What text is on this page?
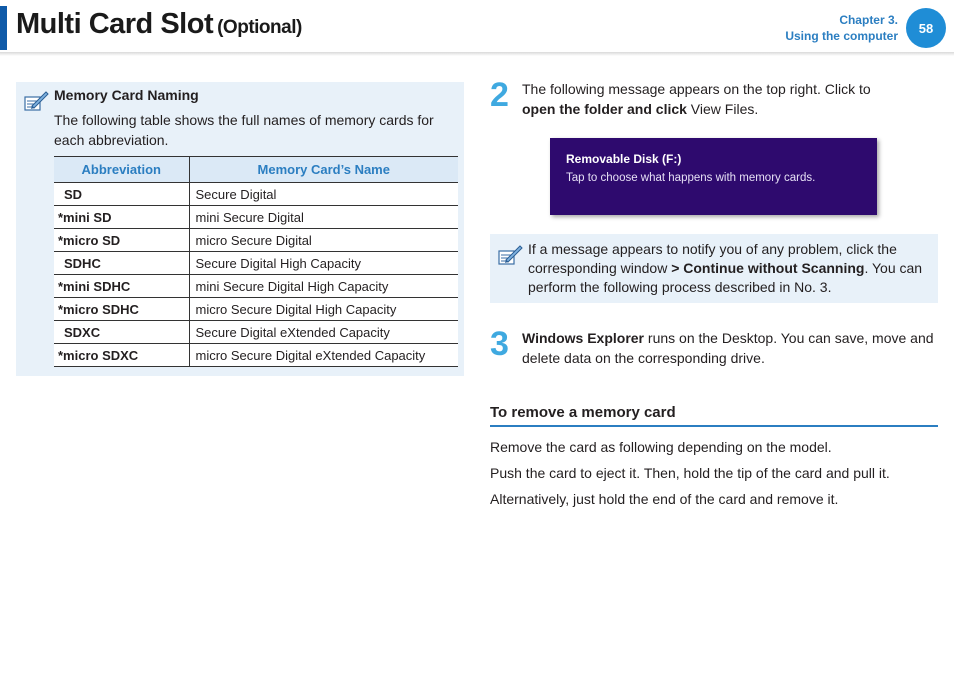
Multi Card Slot (Optional)	Chapter 3.
Using the computer
58
Memory Card Naming
The following table shows the full names of memory cards for each abbreviation.
Abbreviation	Memory Card’s Name
SD	Secure Digital
*mini SD	mini Secure Digital
*micro SD	micro Secure Digital
SDHC	Secure Digital High Capacity
*mini SDHC	mini Secure Digital High Capacity
*micro SDHC	micro Secure Digital High Capacity
SDXC	Secure Digital eXtended Capacity
*micro SDXC	micro Secure Digital eXtended Capacity
2 The following message appears on the top right. Click to
open the folder and click View Files.
Removable Disk (F:)
Tap to choose what happens with memory cards.
If a message appears to notify you of any problem, click the corresponding window > Continue without Scanning. You can perform the following process described in No. 3.
3 Windows Explorer runs on the Desktop. You can save, move and delete data on the corresponding drive.
To remove a memory card
Remove the card as following depending on the model.
Push the card to eject it. Then, hold the tip of the card and pull it.
Alternatively, just hold the end of the card and remove it.
